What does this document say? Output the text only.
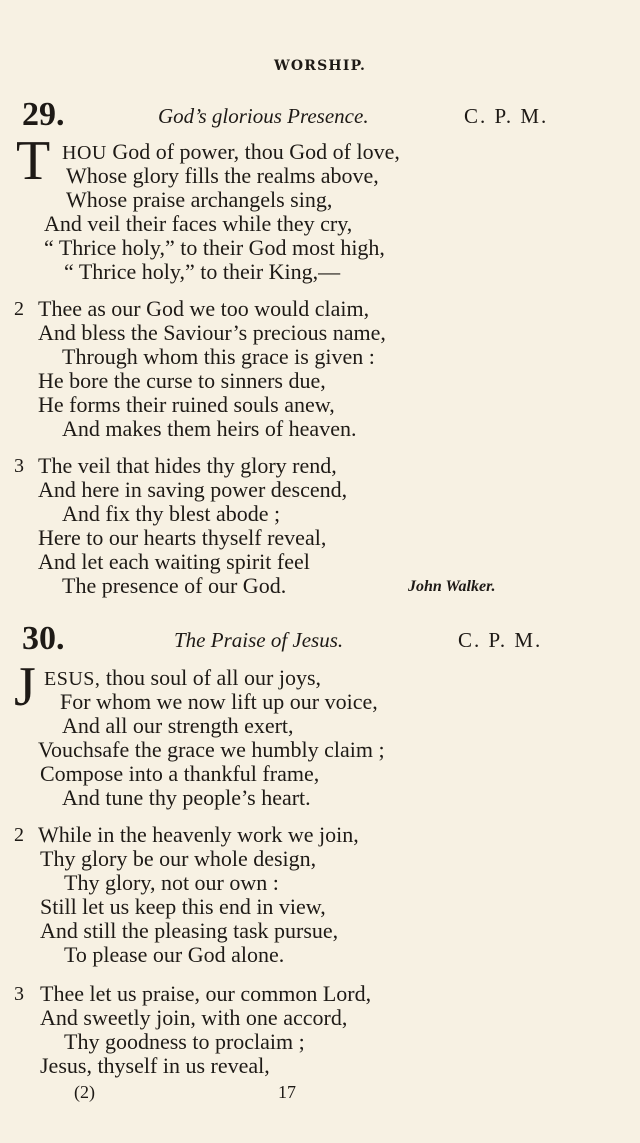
WORSHIP.
29.	God’s glorious Presence.	C. P. M.
T HOU God of power, thou God of love,
Whose glory fills the realms above,
Whose praise archangels sing,
And veil their faces while they cry,
“ Thrice holy,” to their God most high,
“ Thrice holy,” to their King,—
2 Thee as our God we too would claim,
And bless the Saviour’s precious name,
Through whom this grace is given :
He bore the curse to sinners due,
He forms their ruined souls anew,
And makes them heirs of heaven.
3 The veil that hides thy glory rend,
And here in saving power descend,
And fix thy blest abode ;
Here to our hearts thyself reveal,
And let each waiting spirit feel
The presence of our God.	John Walker.
30.	The Praise of Jesus.	C. P. M.
J ESUS, thou soul of all our joys,
For whom we now lift up our voice,
And all our strength exert,
Vouchsafe the grace we humbly claim ;
Compose into a thankful frame,
And tune thy people’s heart.
2 While in the heavenly work we join,
Thy glory be our whole design,
Thy glory, not our own :
Still let us keep this end in view,
And still the pleasing task pursue,
To please our God alone.
3 Thee let us praise, our common Lord,
And sweetly join, with one accord,
Thy goodness to proclaim ;
Jesus, thyself in us reveal,
(2)	17
